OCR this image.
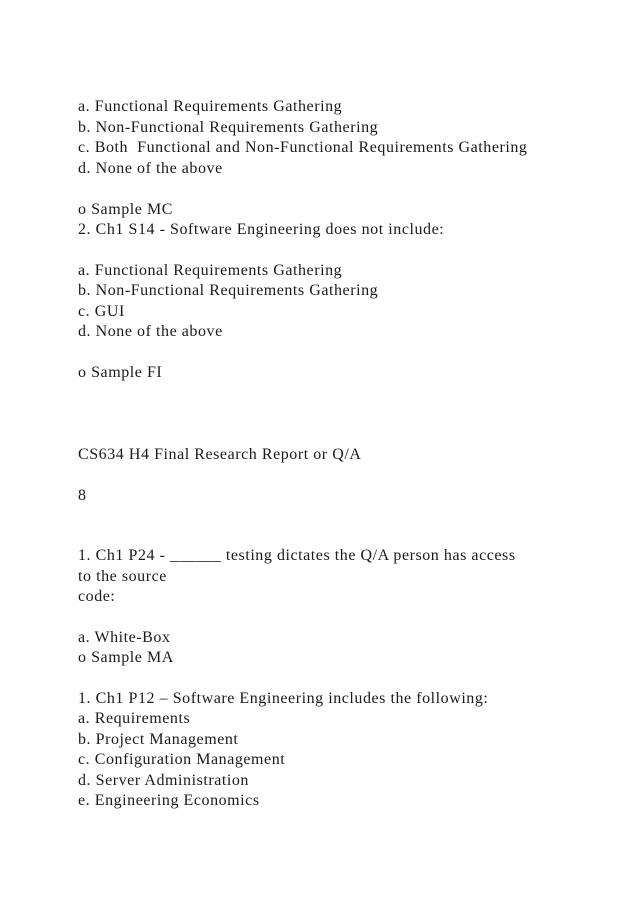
a. Functional Requirements Gathering

b. Non-Functional Requirements Gathering

c. Both  Functional and Non-Functional Requirements Gathering

d. None of the above

o Sample MC

2. Ch1 S14 - Software Engineering does not include:

a. Functional Requirements Gathering

b. Non-Functional Requirements Gathering

c. GUI

d. None of the above

o Sample FI

CS634 H4 Final Research Report or Q/A

8

1. Ch1 P24 - ______ testing dictates the Q/A person has access

to the source

code:

a. White-Box

o Sample MA

1. Ch1 P12 – Software Engineering includes the following:

a. Requirements

b. Project Management

c. Configuration Management

d. Server Administration

e. Engineering Economics
